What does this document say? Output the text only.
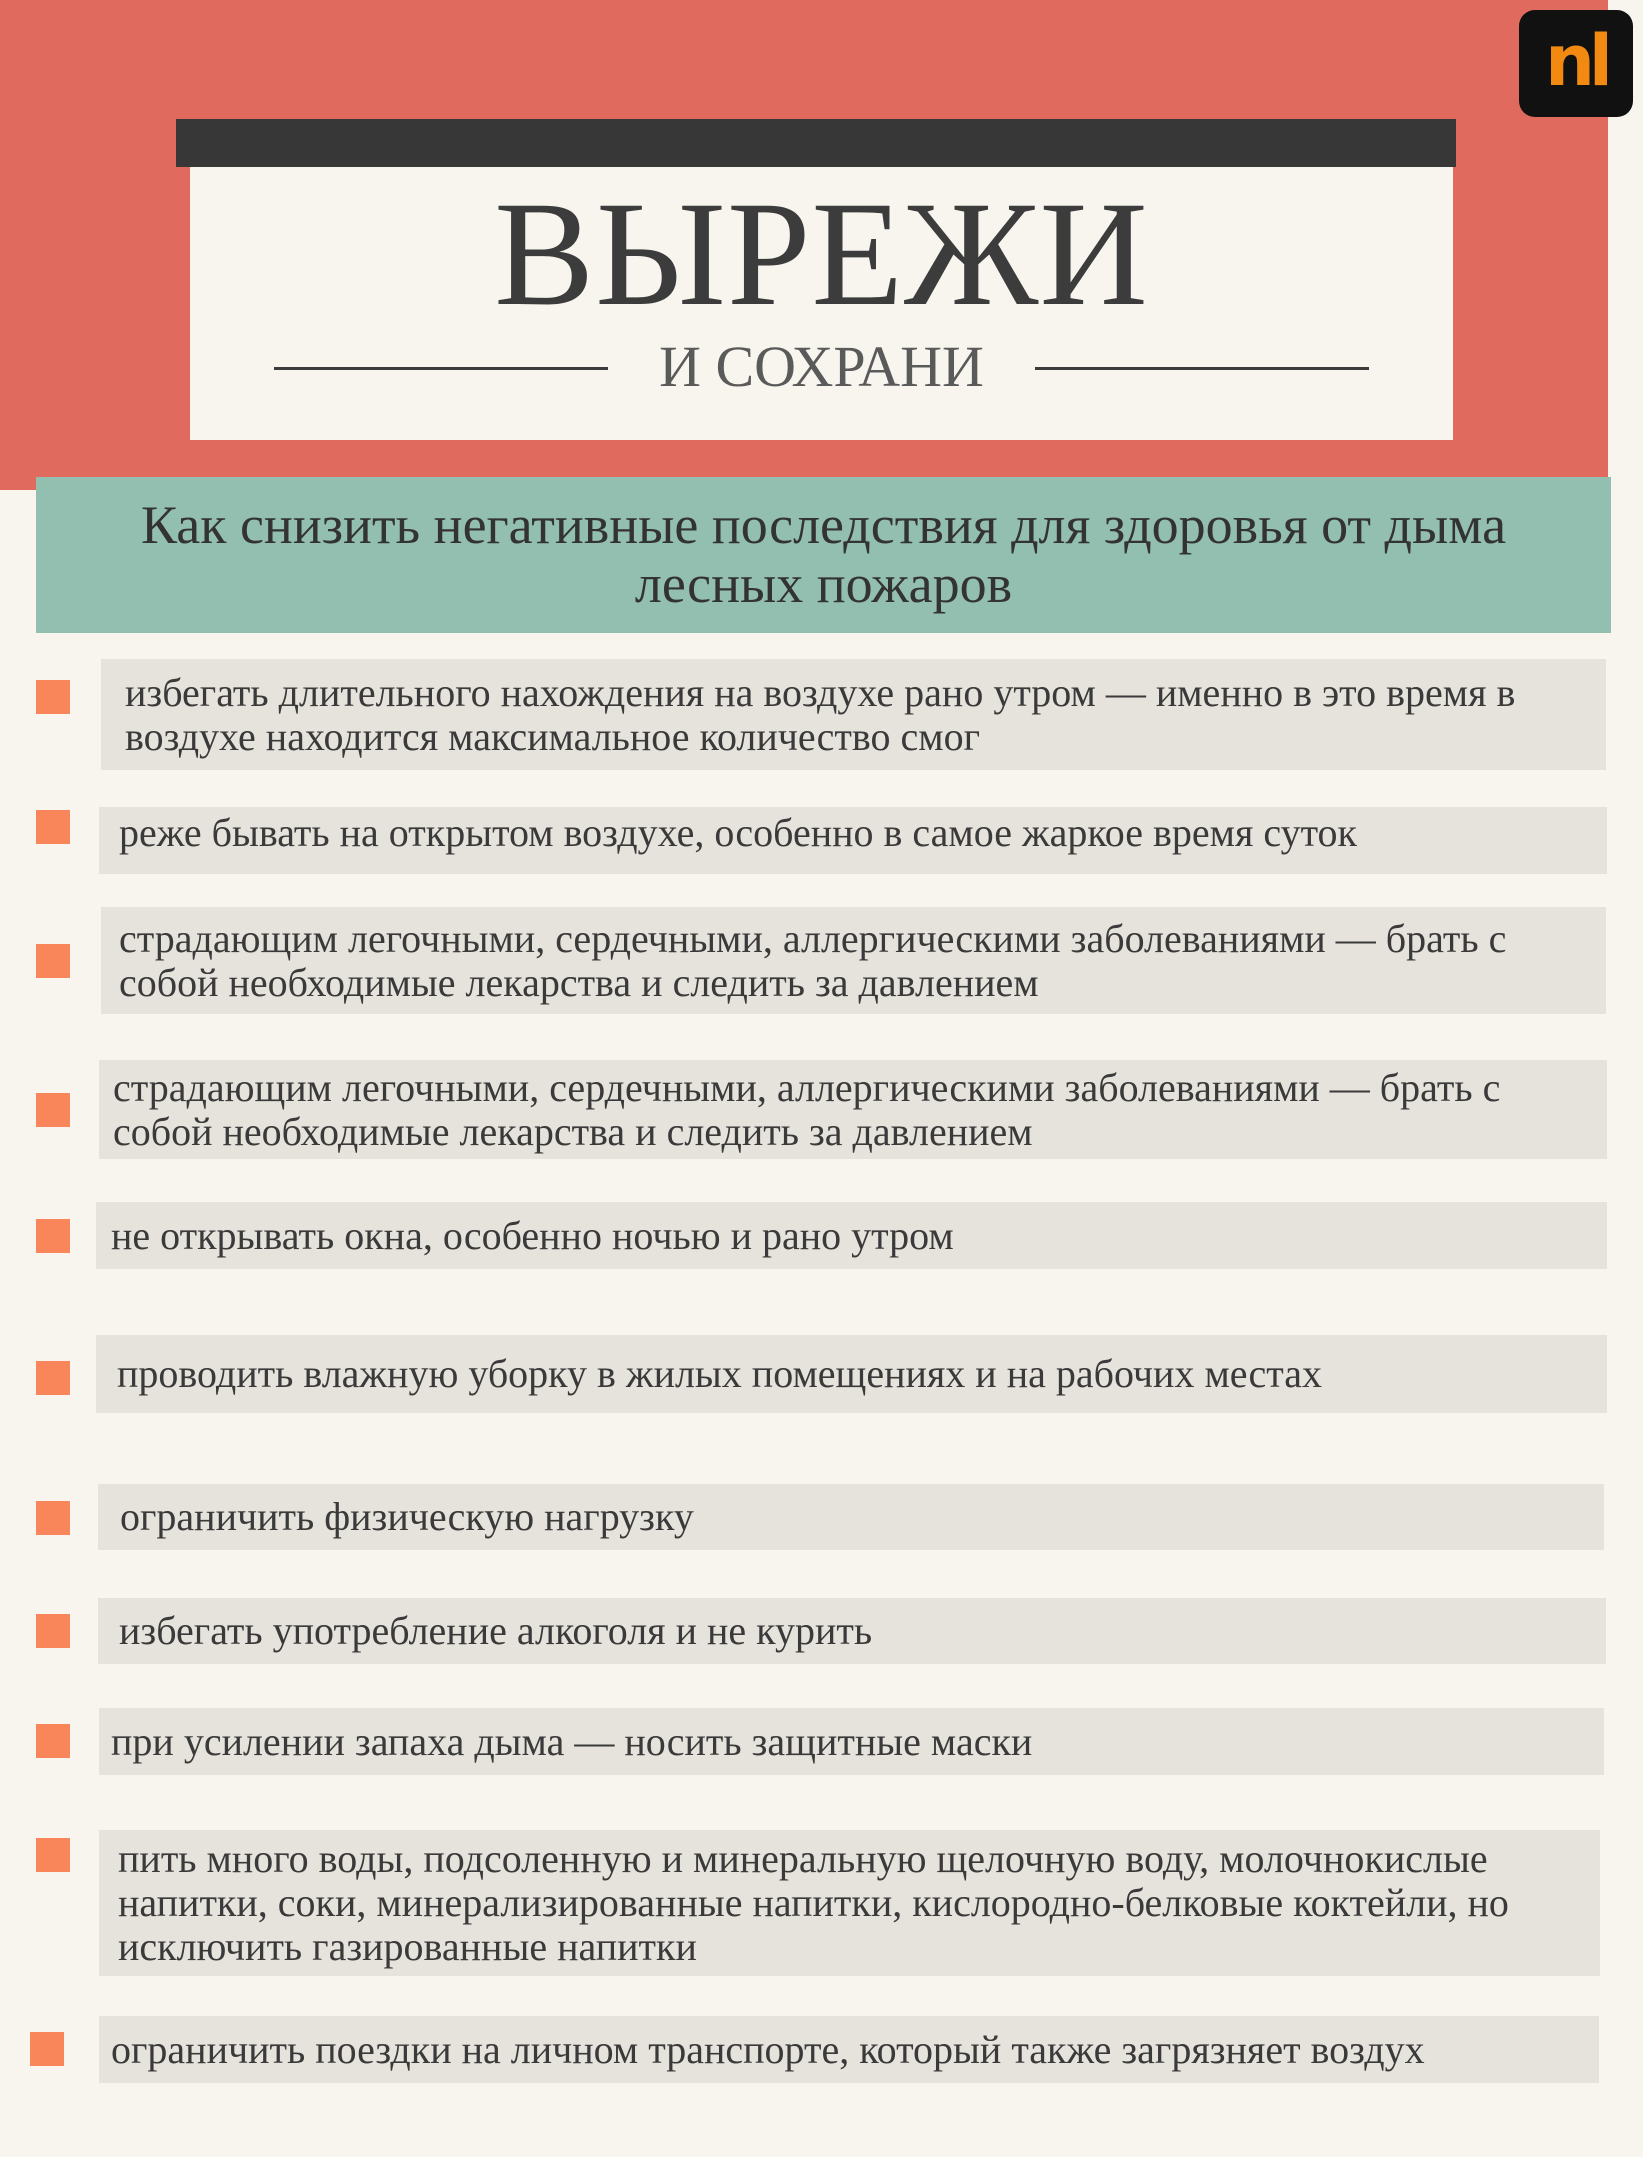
ВЫРЕЖИ
И СОХРАНИ
nl
Как снизить негативные последствия для здоровья от дыма лесных пожаров
избегать длительного нахождения на воздухе рано утром — именно в это время в воздухе находится максимальное количество смог
реже бывать на открытом воздухе, особенно в самое жаркое время суток
страдающим легочными, сердечными, аллергическими заболеваниями — брать с собой необходимые лекарства и следить за давлением
страдающим легочными, сердечными, аллергическими заболеваниями — брать с собой необходимые лекарства и следить за давлением
не открывать окна, особенно ночью и рано утром
проводить влажную уборку в жилых помещениях и на рабочих местах
ограничить физическую нагрузку
избегать употребление алкоголя и не курить
при усилении запаха дыма — носить защитные маски
пить много воды, подсоленную и минеральную щелочную воду, молочнокислые напитки, соки, минерализированные напитки, кислородно-белковые коктейли, но исключить газированные напитки
ограничить поездки на личном транспорте, который также загрязняет воздух
